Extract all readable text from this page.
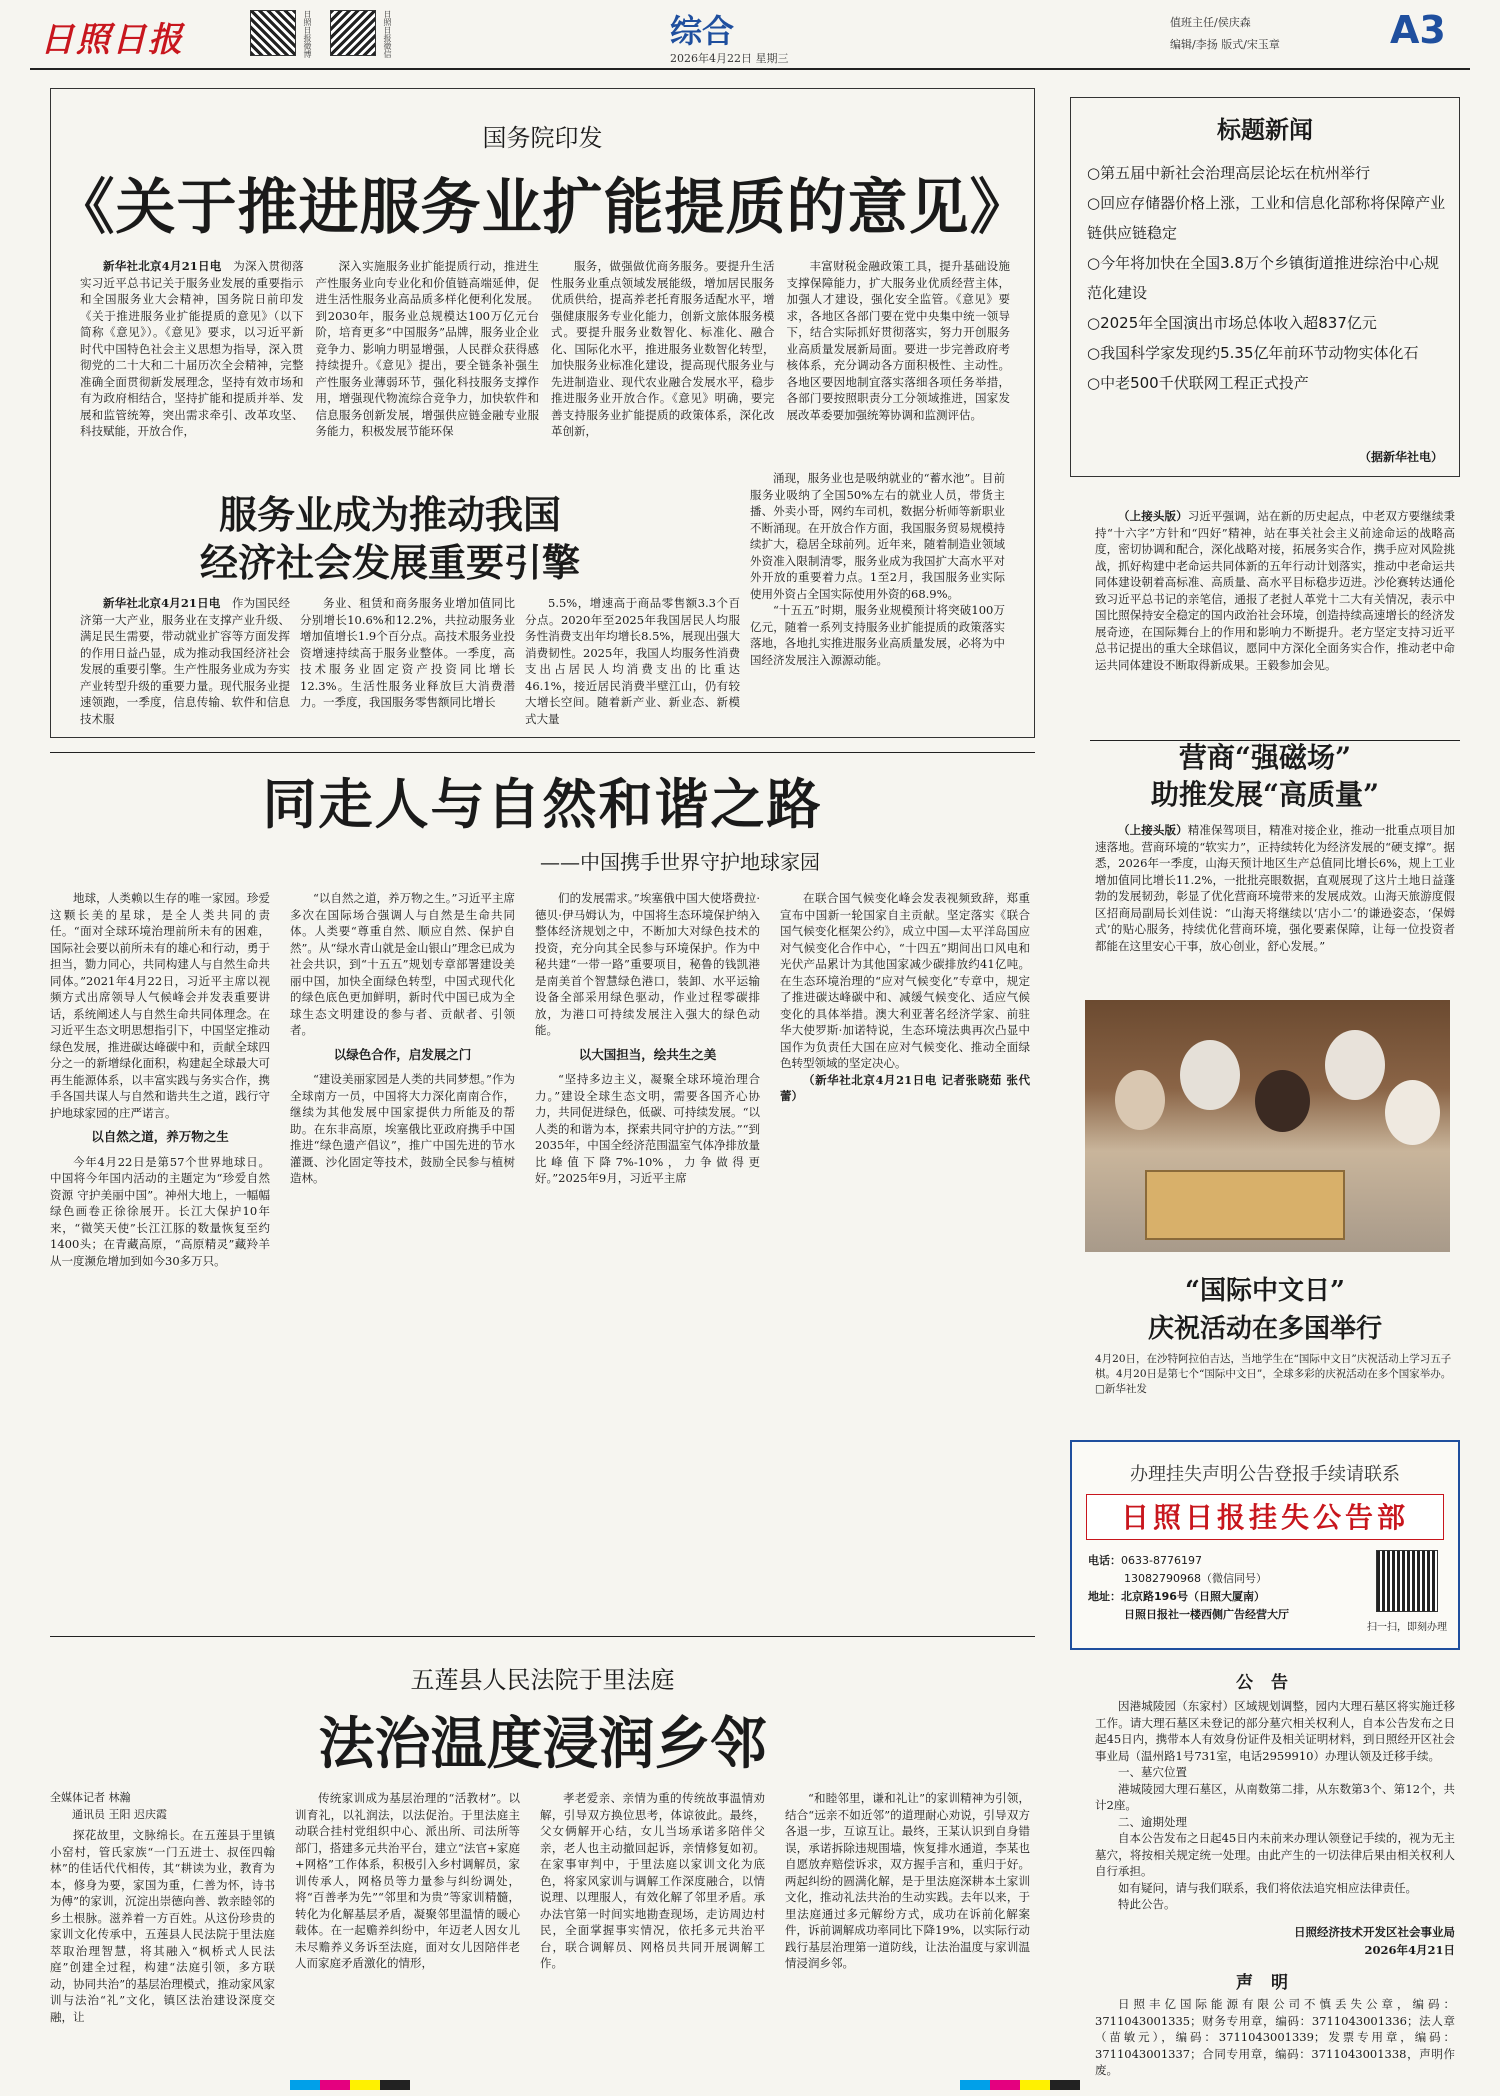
日照日报	日照日报微博	日照日报微信	综合
2026年4月22日 星期三
值班主任/侯庆森
编辑/李扬 版式/宋玉章	A3
国务院印发
《关于推进服务业扩能提质的意见》

新华社北京4月21日电　 为深入贯彻落实习近平总书记关于服务业发展的重要指示和全国服务业大会精神，国务院日前印发《关于推进服务业扩能提质的意见》（以下简称《意见》）。《意见》要求，以习近平新时代中国特色社会主义思想为指导，深入贯彻党的二十大和二十届历次全会精神，完整准确全面贯彻新发展理念，坚持有效市场和有为政府相结合，坚持扩能和提质并举、发展和监管统筹，突出需求牵引、改革攻坚、科技赋能，开放合作，

深入实施服务业扩能提质行动，推进生产性服务业向专业化和价值链高端延伸，促进生活性服务业高品质多样化便利化发展。到2030年，服务业总规模达100万亿元台阶，培育更多“中国服务”品牌，服务业企业竞争力、影响力明显增强，人民群众获得感持续提升。《意见》提出，要全链条补强生产性服务业薄弱环节，强化科技服务支撑作用，增强现代物流综合竞争力，加快软件和信息服务创新发展，增强供应链金融专业服务能力，积极发展节能环保

服务，做强做优商务服务。要提升生活性服务业重点领域发展能级，增加居民服务优质供给，提高养老托育服务适配水平，增强健康服务专业化能力，创新文旅体服务模式。要提升服务业数智化、标准化、融合化、国际化水平，推进服务业数智化转型，加快服务业标准化建设，提高现代服务业与先进制造业、现代农业融合发展水平，稳步推进服务业开放合作。《意见》明确，要完善支持服务业扩能提质的政策体系，深化改革创新，

丰富财税金融政策工具，提升基础设施支撑保障能力，扩大服务业优质经营主体，加强人才建设，强化安全监管。《意见》要求，各地区各部门要在党中央集中统一领导下，结合实际抓好贯彻落实，努力开创服务业高质量发展新局面。要进一步完善政府考核体系，充分调动各方面积极性、主动性。各地区要因地制宜落实落细各项任务举措，各部门要按照职责分工分领域推进，国家发展改革委要加强统筹协调和监测评估。

服务业成为推动我国
经济社会发展重要引擎

新华社北京4月21日电　 作为国民经济第一大产业，服务业在支撑产业升级、满足民生需要，带动就业扩容等方面发挥的作用日益凸显，成为推动我国经济社会发展的重要引擎。生产性服务业成为夯实产业转型升级的重要力量。现代服务业提速领跑，一季度，信息传输、软件和信息技术服

务业、租赁和商务服务业增加值同比分别增长10.6%和12.2%，共拉动服务业增加值增长1.9个百分点。高技术服务业投资增速持续高于服务业整体。一季度，高技术服务业固定资产投资同比增长12.3%。生活性服务业释放巨大消费潜力。一季度，我国服务零售额同比增长

5.5%，增速高于商品零售额3.3个百分点。2020年至2025年我国居民人均服务性消费支出年均增长8.5%，展现出强大消费韧性。2025年，我国人均服务性消费支出占居民人均消费支出的比重达46.1%，接近居民消费半壁江山，仍有较大增长空间。随着新产业、新业态、新模式大量

涌现，服务业也是吸纳就业的“蓄水池”。目前服务业吸纳了全国50%左右的就业人员，带货主播、外卖小哥，网约车司机，数据分析师等新职业不断涌现。在开放合作方面，我国服务贸易规模持续扩大，稳居全球前列。近年来，随着制造业领域外资准入限制清零，服务业成为我国扩大高水平对外开放的重要着力点。1至2月，我国服务业实际使用外资占全国实际使用外资的68.9%。

“十五五”时期，服务业规模预计将突破100万亿元，随着一系列支持服务业扩能提质的政策落实落地，各地扎实推进服务业高质量发展，必将为中国经济发展注入源源动能。

标题新闻
○第五届中新社会治理高层论坛在杭州举行
○回应存储器价格上涨，工业和信息化部称将保障产业链供应链稳定
○今年将加快在全国3.8万个乡镇街道推进综治中心规范化建设
○2025年全国演出市场总体收入超837亿元
○我国科学家发现约5.35亿年前环节动物实体化石
○中老500千伏联网工程正式投产
（据新华社电）

（上接头版）习近平强调，站在新的历史起点，中老双方要继续秉持“十六字”方针和“四好”精神，站在事关社会主义前途命运的战略高度，密切协调和配合，深化战略对接，拓展务实合作，携手应对风险挑战，抓好构建中老命运共同体新的五年行动计划落实，推动中老命运共同体建设朝着高标准、高质量、高水平目标稳步迈进。沙伦赛转达通伦致习近平总书记的亲笔信，通报了老挝人革党十二大有关情况，表示中国比照保持安全稳定的国内政治社会环境，创造持续高速增长的经济发展奇迹，在国际舞台上的作用和影响力不断提升。老方坚定支持习近平总书记提出的重大全球倡议，愿同中方深化全面务实合作，推动老中命运共同体建设不断取得新成果。王毅参加会见。

营商“强磁场”
助推发展“高质量”

（上接头版）精准保驾项目，精准对接企业，推动一批重点项目加速落地。营商环境的“软实力”，正持续转化为经济发展的“硬支撑”。据悉，2026年一季度，山海天预计地区生产总值同比增长6%，规上工业增加值同比增长11.2%，一批批亮眼数据，直观展现了这片土地日益蓬勃的发展韧劲，彰显了优化营商环境带来的发展成效。山海天旅游度假区招商局副局长刘佳说：“山海天将继续以‘店小二’的谦逊姿态，‘保姆式’的贴心服务，持续优化营商环境，强化要素保障，让每一位投资者都能在这里安心干事，放心创业，舒心发展。”

“国际中文日”
庆祝活动在多国举行
4月20日，在沙特阿拉伯吉达，当地学生在“国际中文日”庆祝活动上学习五子棋。4月20日是第七个“国际中文日”，全球多彩的庆祝活动在多个国家举办。 □新华社发
办理挂失声明公告登报手续请联系
日照日报挂失公告部
电话：0633-8776197
13082790968（微信同号）
地址：北京路196号（日照大厦南）
日照日报社一楼西侧广告经营大厅
扫一扫，即刻办理
公 告

因港城陵园（东家村）区域规划调整，园内大理石墓区将实施迁移工作。请大理石墓区未登记的部分墓穴相关权利人，自本公告发布之日起45日内，携带本人有效身份证件及相关证明材料，到日照经开区社会事业局（温州路1号731室，电话2959910）办理认领及迁移手续。

一、墓穴位置

港城陵园大理石墓区，从南数第二排，从东数第3个、第12个，共计2座。

二、逾期处理

自本公告发布之日起45日内未前来办理认领登记手续的，视为无主墓穴，将按相关规定统一处理。由此产生的一切法律后果由相关权利人自行承担。

如有疑问，请与我们联系，我们将依法追究相应法律责任。

特此公告。

日照经济技术开发区社会事业局
2026年4月21日
声 明

日照丰亿国际能源有限公司不慎丢失公章，编码：3711043001335；财务专用章，编码：3711043001336；法人章（苗敏元），编码：3711043001339；发票专用章，编码：3711043001337；合同专用章，编码：3711043001338，声明作废。

同走人与自然和谐之路
——中国携手世界守护地球家园

地球，人类赖以生存的唯一家园。珍爱这颗长美的星球，是全人类共同的责任。“面对全球环境治理前所未有的困难，国际社会要以前所未有的雄心和行动，勇于担当，勠力同心，共同构建人与自然生命共同体。”2021年4月22日，习近平主席以视频方式出席领导人气候峰会并发表重要讲话，系统阐述人与自然生命共同体理念。在习近平生态文明思想指引下，中国坚定推动绿色发展，推进碳达峰碳中和，贡献全球四分之一的新增绿化面积，构建起全球最大可再生能源体系，以丰富实践与务实合作，携手各国共谋人与自然和谐共生之道，践行守护地球家园的庄严诺言。

以自然之道，养万物之生

今年4月22日是第57个世界地球日。中国将今年国内活动的主题定为“珍爱自然资源 守护美丽中国”。神州大地上，一幅幅绿色画卷正徐徐展开。长江大保护10年来，“微笑天使”长江江豚的数量恢复至约1400头；在青藏高原，“高原精灵”藏羚羊从一度濒危增加到如今30多万只。

“以自然之道，养万物之生。”习近平主席多次在国际场合强调人与自然是生命共同体。人类要“尊重自然、顺应自然、保护自然”。从“绿水青山就是金山银山”理念已成为社会共识，到“十五五”规划专章部署建设美丽中国，加快全面绿色转型，中国式现代化的绿色底色更加鲜明，新时代中国已成为全球生态文明建设的参与者、贡献者、引领者。

以绿色合作，启发展之门

“建设美丽家园是人类的共同梦想。”作为全球南方一员，中国将大力深化南南合作，继续为其他发展中国家提供力所能及的帮助。在东非高原，埃塞俄比亚政府携手中国推进“绿色遗产倡议”，推广中国先进的节水灌溉、沙化固定等技术，鼓励全民参与植树造林。

们的发展需求。”埃塞俄中国大使塔费拉·德贝·伊马姆认为，中国将生态环境保护纳入整体经济规划之中，不断加大对绿色技术的投资，充分向其全民参与环境保护。作为中秘共建“一带一路”重要项目，秘鲁的钱凯港是南美首个智慧绿色港口，装卸、水平运输设备全部采用绿色驱动，作业过程零碳排放，为港口可持续发展注入强大的绿色动能。

以大国担当，绘共生之美

“坚持多边主义，凝聚全球环境治理合力。”建设全球生态文明，需要各国齐心协力，共同促进绿色，低碳、可持续发展。“以人类的和谐为本，探索共同守护的方法。”“到2035年，中国全经济范围温室气体净排放量比峰值下降7%-10%，力争做得更好。”2025年9月，习近平主席

在联合国气候变化峰会发表视频致辞，郑重宣布中国新一轮国家自主贡献。坚定落实《联合国气候变化框架公约》，成立中国—太平洋岛国应对气候变化合作中心，“十四五”期间出口风电和光伏产品累计为其他国家减少碳排放约41亿吨。在生态环境治理的“应对气候变化”专章中，规定了推进碳达峰碳中和、减缓气候变化、适应气候变化的具体举措。澳大利亚著名经济学家、前驻华大使罗斯·加诺特说，生态环境法典再次凸显中国作为负责任大国在应对气候变化、推动全面绿色转型领域的坚定决心。

（新华社北京4月21日电 记者张晓茹 张代蕾）

五莲县人民法院于里法庭
法治温度浸润乡邻
全媒体记者 林瀚
通讯员 王阳 迟庆霞

探花故里，文脉绵长。在五莲县于里镇小窑村，管氏家族“一门五进士、叔侄四翰林”的佳话代代相传，其“耕读为业，教育为本，修身为要，家国为重，仁善为怀，诗书为傅”的家训，沉淀出崇德向善、敦亲睦邻的乡土根脉。滋养着一方百姓。从这份珍贵的家训文化传承中，五莲县人民法院于里法庭萃取治理智慧，将其融入“枫桥式人民法庭”创建全过程，构建“法庭引领，多方联动，协同共治”的基层治理模式，推动家风家训与法治“礼”文化，镇区法治建设深度交融，让

传统家训成为基层治理的“活教材”。以训育礼，以礼润法，以法促治。于里法庭主动联合挂村党组织中心、派出所、司法所等部门，搭建多元共治平台，建立“法官+家庭+网格”工作体系，积极引入乡村调解员，家训传承人，网格员等力量参与纠纷调处，将“百善孝为先”“邻里和为贵”等家训精髓，转化为化解基层矛盾，凝聚邻里温情的暖心载体。在一起赡养纠纷中，年迈老人因女儿未尽赡养义务诉至法庭，面对女儿因陪伴老人而家庭矛盾激化的情形，

孝老爱亲、亲情为重的传统故事温情劝解，引导双方换位思考，体谅彼此。最终，父女俩解开心结，女儿当场承诺多陪伴父亲，老人也主动撤回起诉，亲情修复如初。在家事审判中，于里法庭以家训文化为底色，将家风家训与调解工作深度融合，以情说理、以理服人，有效化解了邻里矛盾。承办法官第一时间实地勘查现场，走访周边村民，全面掌握事实情况，依托多元共治平台，联合调解员、网格员共同开展调解工作。

“和睦邻里，谦和礼让”的家训精神为引领，结合“远亲不如近邻”的道理耐心劝说，引导双方各退一步，互谅互让。最终，王某认识到自身错误，承诺拆除违规围墙，恢复排水通道，李某也自愿放弃赔偿诉求，双方握手言和，重归于好。两起纠纷的圆满化解，是于里法庭深耕本土家训文化，推动礼法共治的生动实践。去年以来，于里法庭通过多元解纷方式，成功在诉前化解案件，诉前调解成功率同比下降19%，以实际行动践行基层治理第一道防线，让法治温度与家训温情浸润乡邻。
